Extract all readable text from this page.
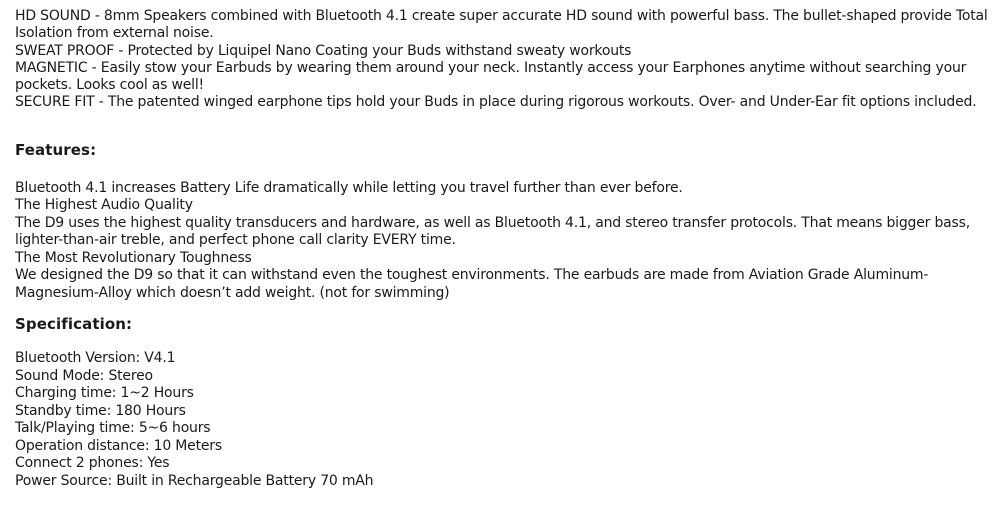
HD SOUND - 8mm Speakers combined with Bluetooth 4.1 create super accurate HD sound with powerful bass. The bullet-shaped provide Total Isolation from external noise.
SWEAT PROOF - Protected by Liquipel Nano Coating your Buds withstand sweaty workouts
MAGNETIC - Easily stow your Earbuds by wearing them around your neck. Instantly access your Earphones anytime without searching your pockets. Looks cool as well!
SECURE FIT - The patented winged earphone tips hold your Buds in place during rigorous workouts. Over- and Under-Ear fit options included.
Features:
Bluetooth 4.1 increases Battery Life dramatically while letting you travel further than ever before.
The Highest Audio Quality
The D9 uses the highest quality transducers and hardware, as well as Bluetooth 4.1, and stereo transfer protocols. That means bigger bass, lighter-than-air treble, and perfect phone call clarity EVERY time.
The Most Revolutionary Toughness
We designed the D9 so that it can withstand even the toughest environments. The earbuds are made from Aviation Grade Aluminum-Magnesium-Alloy which doesn’t add weight. (not for swimming)
Specification:
Bluetooth Version: V4.1
Sound Mode: Stereo
Charging time: 1~2 Hours
Standby time: 180 Hours
Talk/Playing time: 5~6 hours
Operation distance: 10 Meters
Connect 2 phones: Yes
Power Source: Built in Rechargeable Battery 70 mAh
